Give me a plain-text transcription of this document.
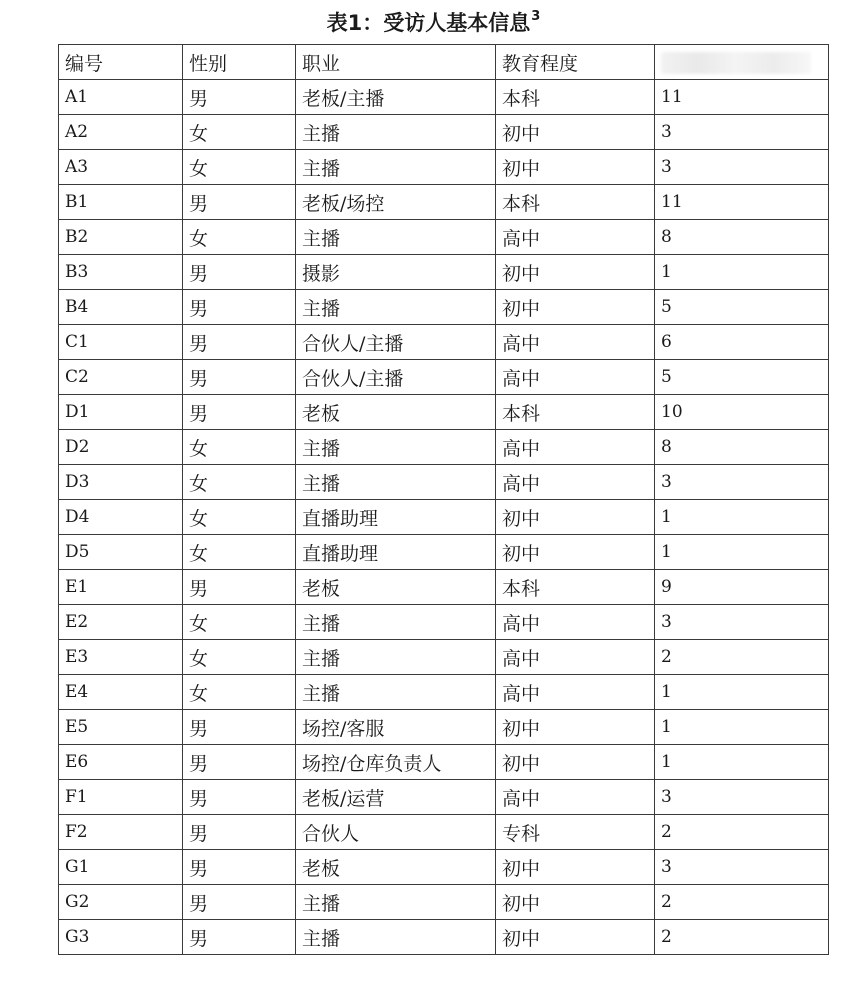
表1：受访人基本信息$^3$
编号	性别	职业	教育程度	
A1	男	老板/主播	本科	11
A2	女	主播	初中	3
A3	女	主播	初中	3
B1	男	老板/场控	本科	11
B2	女	主播	高中	8
B3	男	摄影	初中	1
B4	男	主播	初中	5
C1	男	合伙人/主播	高中	6
C2	男	合伙人/主播	高中	5
D1	男	老板	本科	10
D2	女	主播	高中	8
D3	女	主播	高中	3
D4	女	直播助理	初中	1
D5	女	直播助理	初中	1
E1	男	老板	本科	9
E2	女	主播	高中	3
E3	女	主播	高中	2
E4	女	主播	高中	1
E5	男	场控/客服	初中	1
E6	男	场控/仓库负责人	初中	1
F1	男	老板/运营	高中	3
F2	男	合伙人	专科	2
G1	男	老板	初中	3
G2	男	主播	初中	2
G3	男	主播	初中	2
